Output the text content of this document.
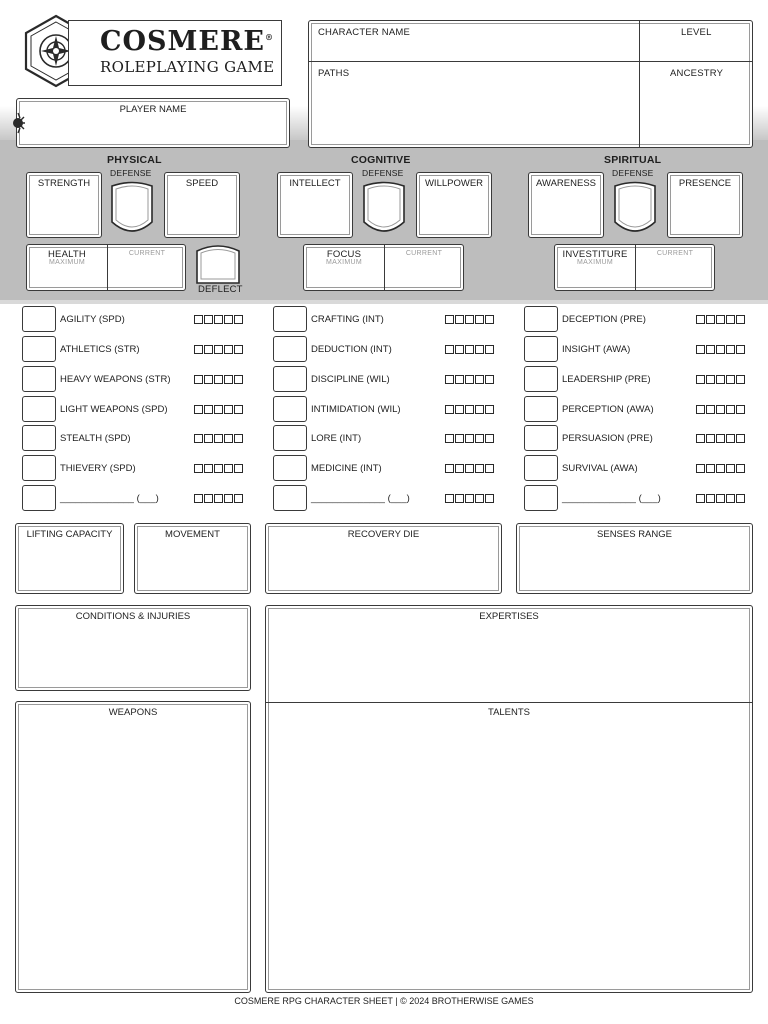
COSMERE®
ROLEPLAYING GAME
PLAYER NAME
CHARACTER NAME	LEVEL
PATHS	ANCESTRY
PHYSICAL
DEFENSE
STRENGTH	SPEED
COGNITIVE
DEFENSE
INTELLECT	WILLPOWER
SPIRITUAL
DEFENSE
AWARENESS	PRESENCE
HEALTH
MAXIMUM
CURRENT
DEFLECT
FOCUS
MAXIMUM
CURRENT	INVESTITURE
MAXIMUM
CURRENT
AGILITY (SPD)
ATHLETICS (STR)
HEAVY WEAPONS (STR)
LIGHT WEAPONS (SPD)
STEALTH (SPD)
THIEVERY (SPD)
______________ (___)
CRAFTING (INT)
DEDUCTION (INT)
DISCIPLINE (WIL)
INTIMIDATION (WIL)
LORE (INT)
MEDICINE (INT)
______________ (___)
DECEPTION (PRE)
INSIGHT (AWA)
LEADERSHIP (PRE)
PERCEPTION (AWA)
PERSUASION (PRE)
SURVIVAL (AWA)
______________ (___)
LIFTING CAPACITY	MOVEMENT	RECOVERY DIE	SENSES RANGE
CONDITIONS & INJURIES	EXPERTISES
TALENTS
WEAPONS
COSMERE RPG CHARACTER SHEET | © 2024 BROTHERWISE GAMES
